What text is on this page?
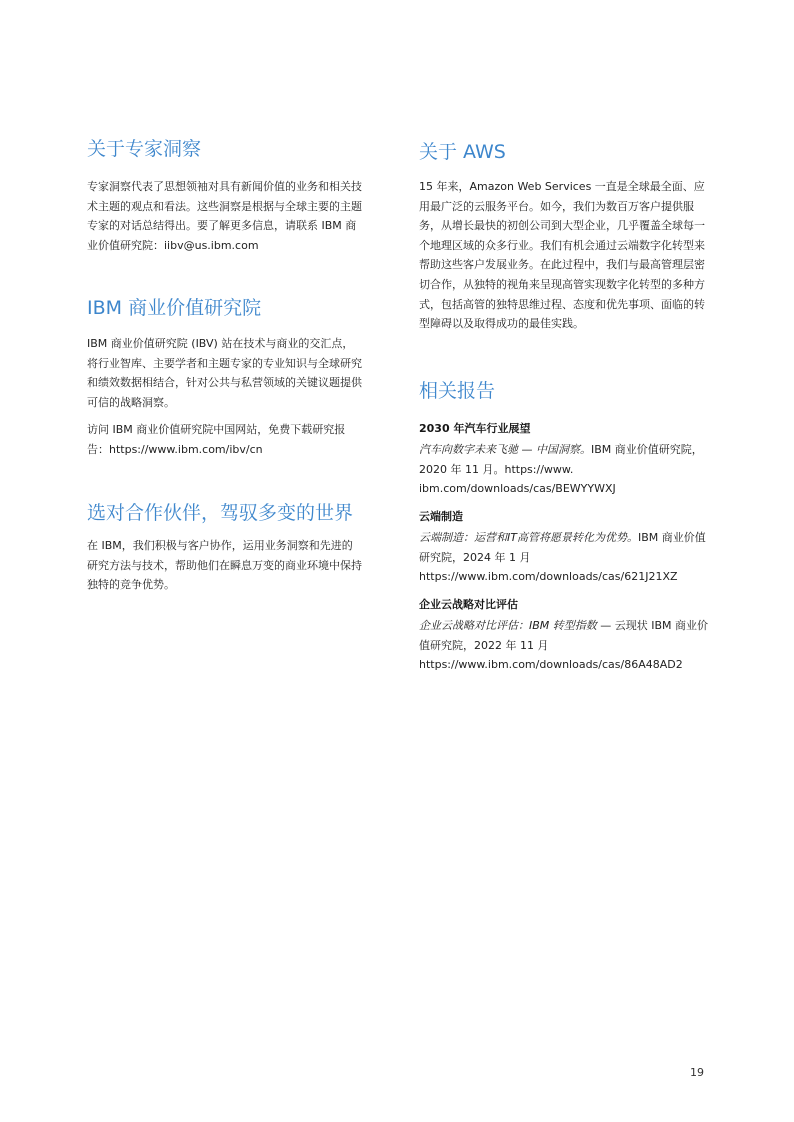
关于专家洞察

专家洞察代表了思想领袖对具有新闻价值的业务和相关技术主题的观点和看法。这些洞察是根据与全球主要的主题专家的对话总结得出。要了解更多信息，请联系 IBM 商业价值研究院：iibv@us.ibm.com

IBM 商业价值研究院

IBM 商业价值研究院 (IBV) 站在技术与商业的交汇点，将行业智库、主要学者和主题专家的专业知识与全球研究和绩效数据相结合，针对公共与私营领域的关键议题提供可信的战略洞察。

访问 IBM 商业价值研究院中国网站，免费下载研究报告：https://www.ibm.com/ibv/cn

选对合作伙伴，驾驭多变的世界

在 IBM，我们积极与客户协作，运用业务洞察和先进的研究方法与技术，帮助他们在瞬息万变的商业环境中保持独特的竞争优势。

关于 AWS

15 年来，Amazon Web Services 一直是全球最全面、应用最广泛的云服务平台。如今，我们为数百万客户提供服务，从增长最快的初创公司到大型企业，几乎覆盖全球每一个地理区域的众多行业。我们有机会通过云端数字化转型来帮助这些客户发展业务。在此过程中，我们与最高管理层密切合作，从独特的视角来呈现高管实现数字化转型的多种方式，包括高管的独特思维过程、态度和优先事项、面临的转型障碍以及取得成功的最佳实践。

相关报告
2030 年汽车行业展望

汽车向数字未来飞驰 — 中国洞察。IBM 商业价值研究院，2020 年 11 月。https://www. ibm.com/downloads/cas/BEWYYWXJ

云端制造

云端制造：运营和IT高管将愿景转化为优势。IBM 商业价值研究院，2024 年 1 月 https://www.ibm.com/downloads/cas/621J21XZ

企业云战略对比评估

企业云战略对比评估：IBM 转型指数 — 云现状 IBM 商业价值研究院，2022 年 11 月 https://www.ibm.com/downloads/cas/86A48AD2

19
